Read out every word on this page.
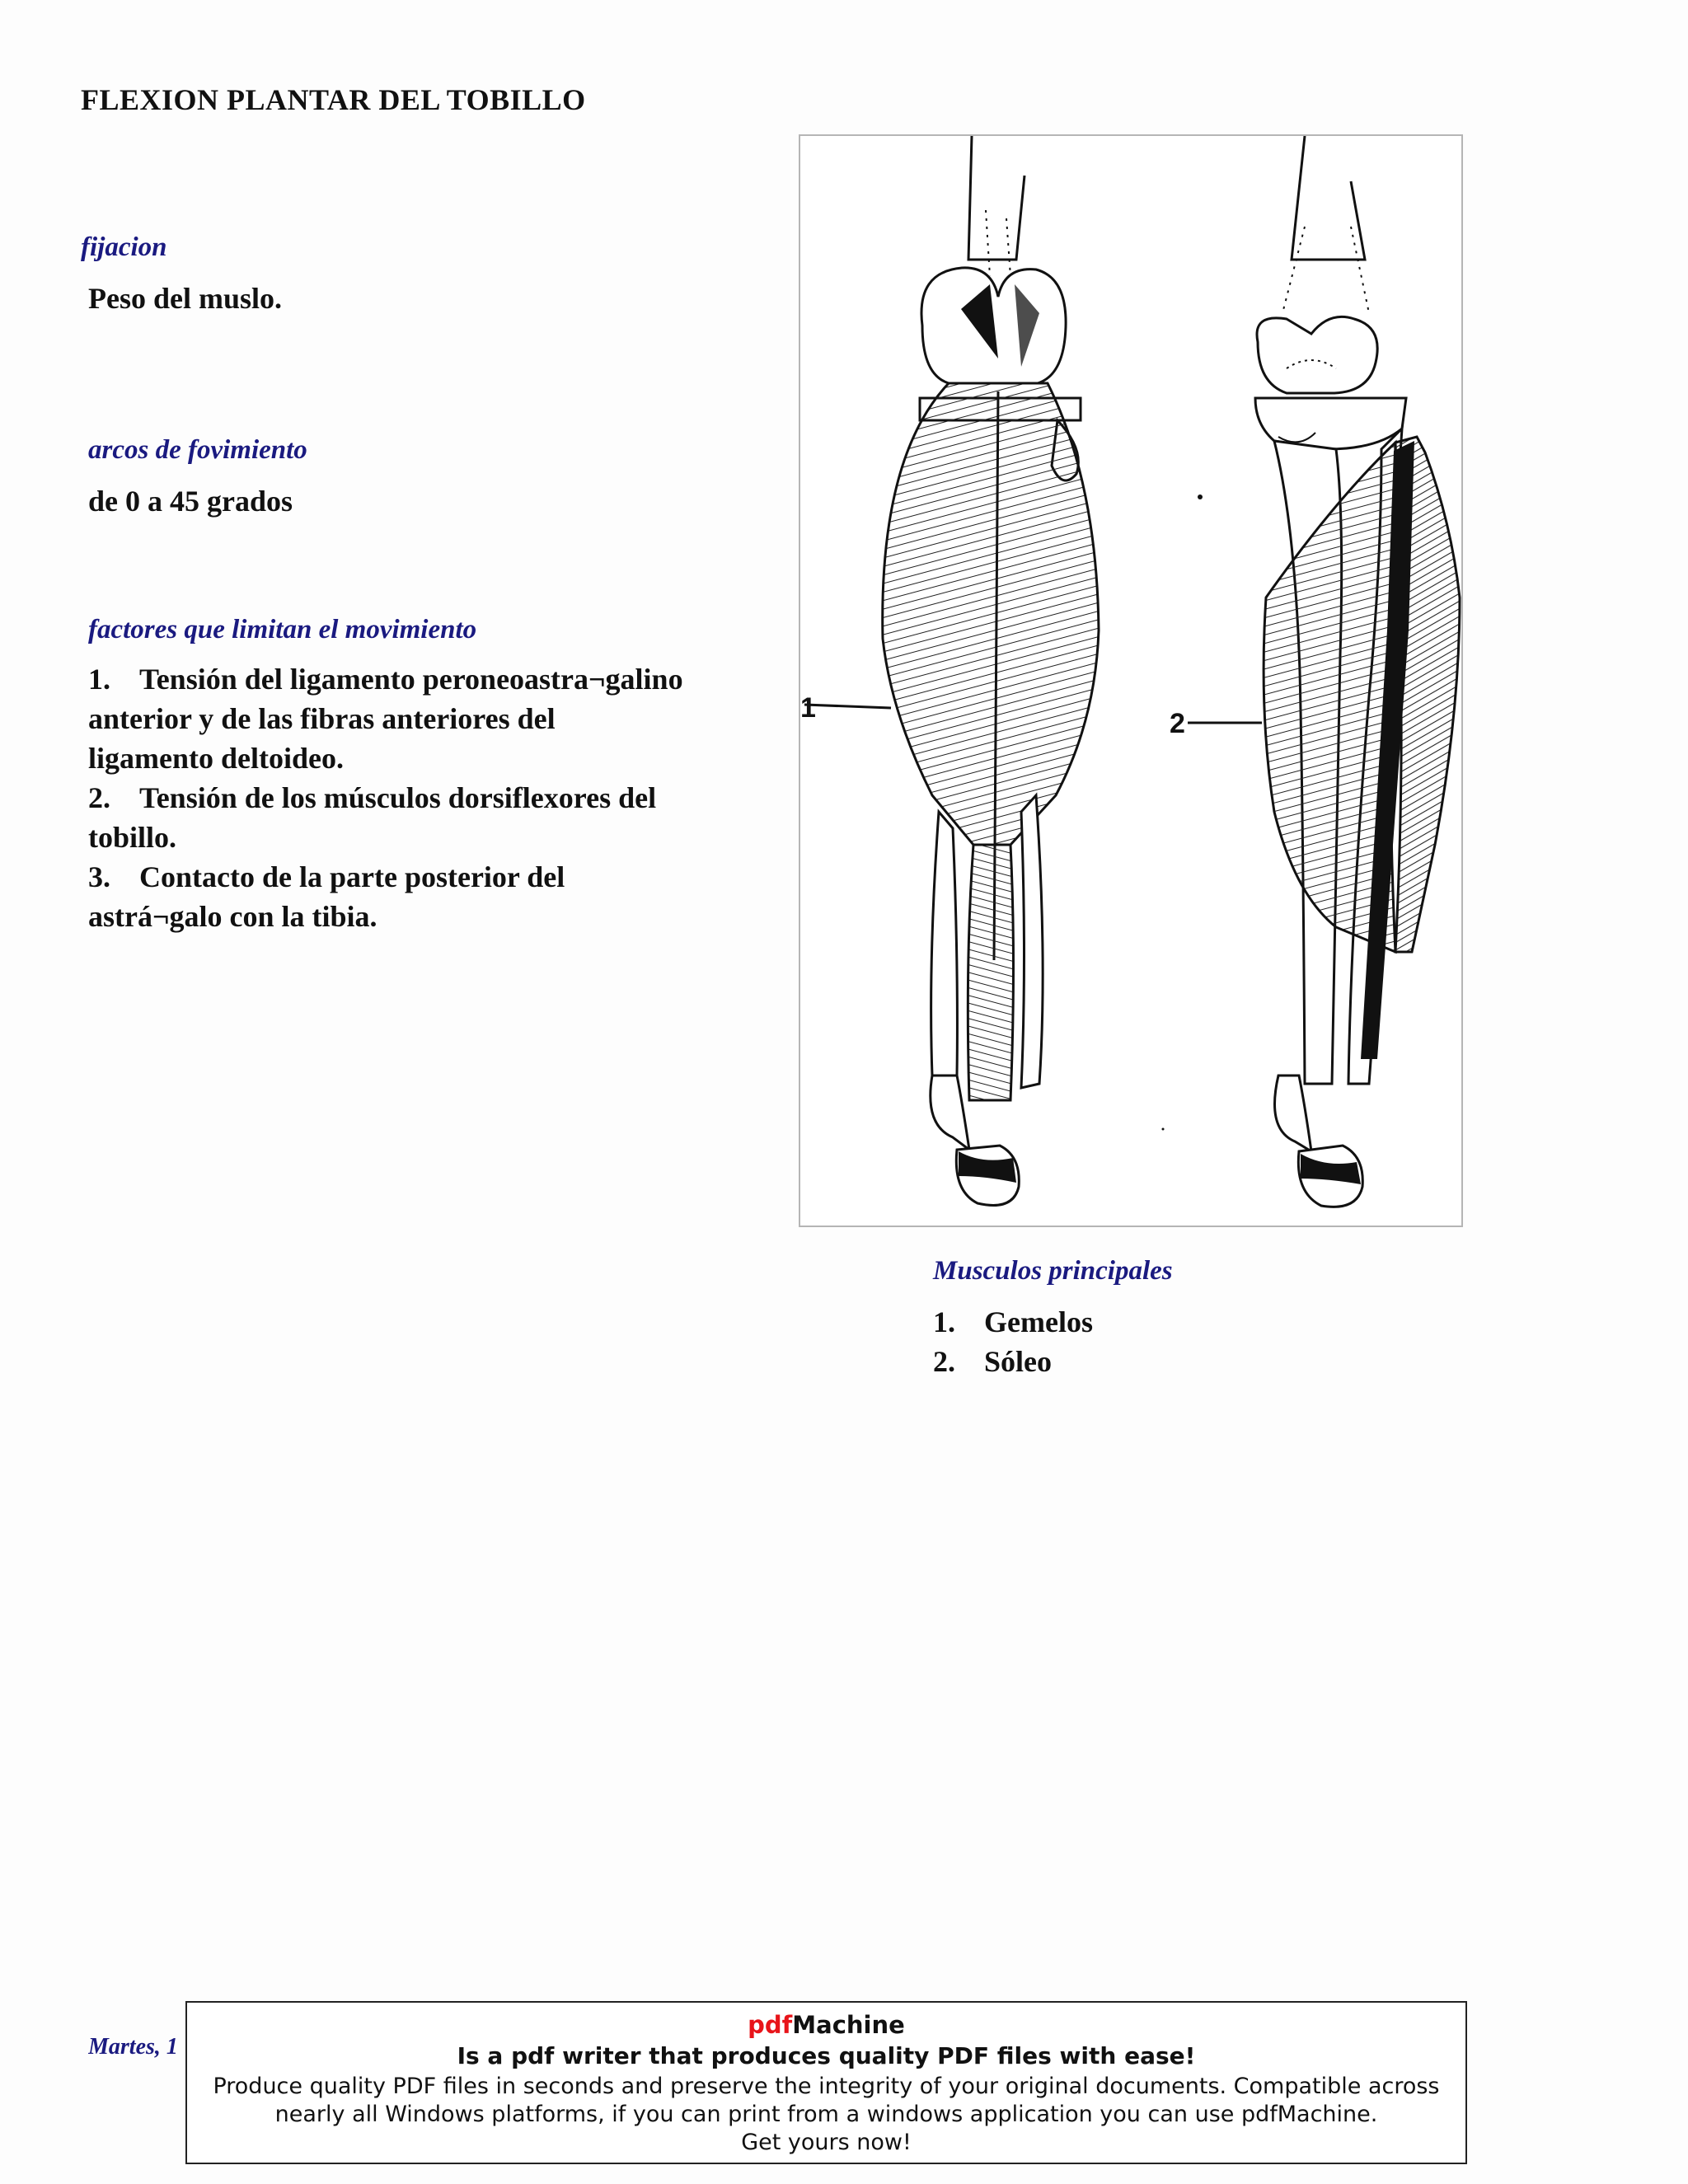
FLEXION PLANTAR DEL TOBILLO
fijacion
Peso del muslo.
arcos de fovimiento
de 0 a 45 grados
factores que limitan el movimiento
1. Tensión del ligamento peroneoastra¬galino
anterior y de las fibras anteriores del
ligamento deltoideo.
2. Tensión de los músculos dorsiflexores del
tobillo.
3. Contacto de la parte posterior del
astrá¬galo con la tibia.
1	2
Musculos principales
1. Gemelos
2. Sóleo
Martes, 1
pdfMachine
Is a pdf writer that produces quality PDF files with ease!
Produce quality PDF files in seconds and preserve the integrity of your original documents. Compatible across
nearly all Windows platforms, if you can print from a windows application you can use pdfMachine.
Get yours now!
